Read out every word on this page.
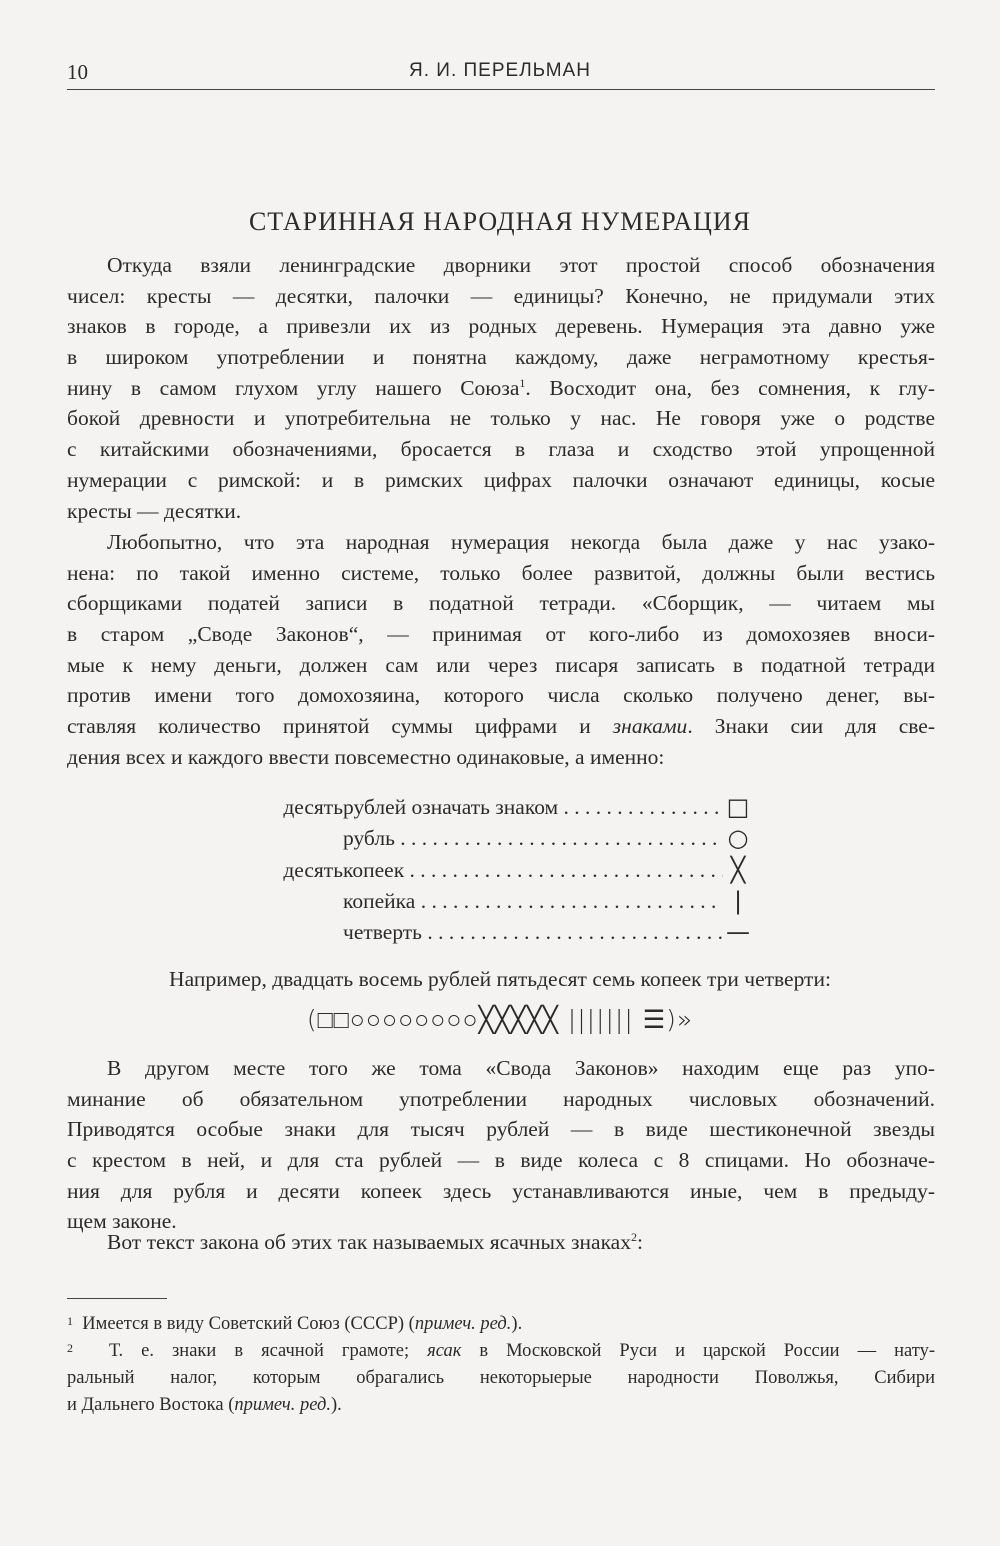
10	Я. И. ПЕРЕЛЬМАН
СТАРИННАЯ НАРОДНАЯ НУМЕРАЦИЯ
Откуда взяли ленинградские дворники этот простой способ обозначения
чисел: кресты — десятки, палочки — единицы? Конечно, не придумали этих
знаков в городе, а привезли их из родных деревень. Нумерация эта давно уже
в широком употреблении и понятна каждому, даже неграмотному крестья-
нину в самом глухом углу нашего Союза$^1$. Восходит она, без сомнения, к глу-
бокой древности и употребительна не только у нас. Не говоря уже о родстве
с китайскими обозначениями, бросается в глаза и сходство этой упрощенной
нумерации с римской: и в римских цифрах палочки означают единицы, косые
кресты — десятки.
Любопытно, что эта народная нумерация некогда была даже у нас узако-
нена: по такой именно системе, только более развитой, должны были вестись
сборщиками податей записи в податной тетради. «Сборщик, — читаем мы
в старом „Своде Законов“, — принимая от кого-либо из домохозяев вноси-
мые к нему деньги, должен сам или через писаря записать в податной тетради
против имени того домохозяина, которого числа сколько получено денег, вы-
ставляя количество принятой суммы цифрами и знаками. Знаки сии для све-
дения всех и каждого ввести повсеместно одинаковые, а именно:
десять рублей означать знаком . . .	□
рубль . . .	○
десять копеек . . .	╳
копейка . . .	|
четверть . . .	—
Например, двадцать восемь рублей пятьдесят семь копеек три четверти:
(□□○○○○○○○○╳╳╳╳╳ ||||||| ☰)»
В другом месте того же тома «Свода Законов» находим еще раз упо-
минание об обязательном употреблении народных числовых обозначений.
Приводятся особые знаки для тысяч рублей — в виде шестиконечной звезды
с крестом в ней, и для ста рублей — в виде колеса с 8 спицами. Но обозначе-
ния для рубля и десяти копеек здесь устанавливаются иные, чем в предыду-
щем законе.
Вот текст закона об этих так называемых ясачных знаках$^2$:
$^1$ Имеется в виду Советский Союз (СССР) (примеч. ред.).
$^2$ Т. е. знаки в ясачной грамоте; ясак в Московской Руси и царской России — нату-
ральный налог, которым обрагались некоторыерые народности Поволжья, Сибири
и Дальнего Востока (примеч. ред.).
